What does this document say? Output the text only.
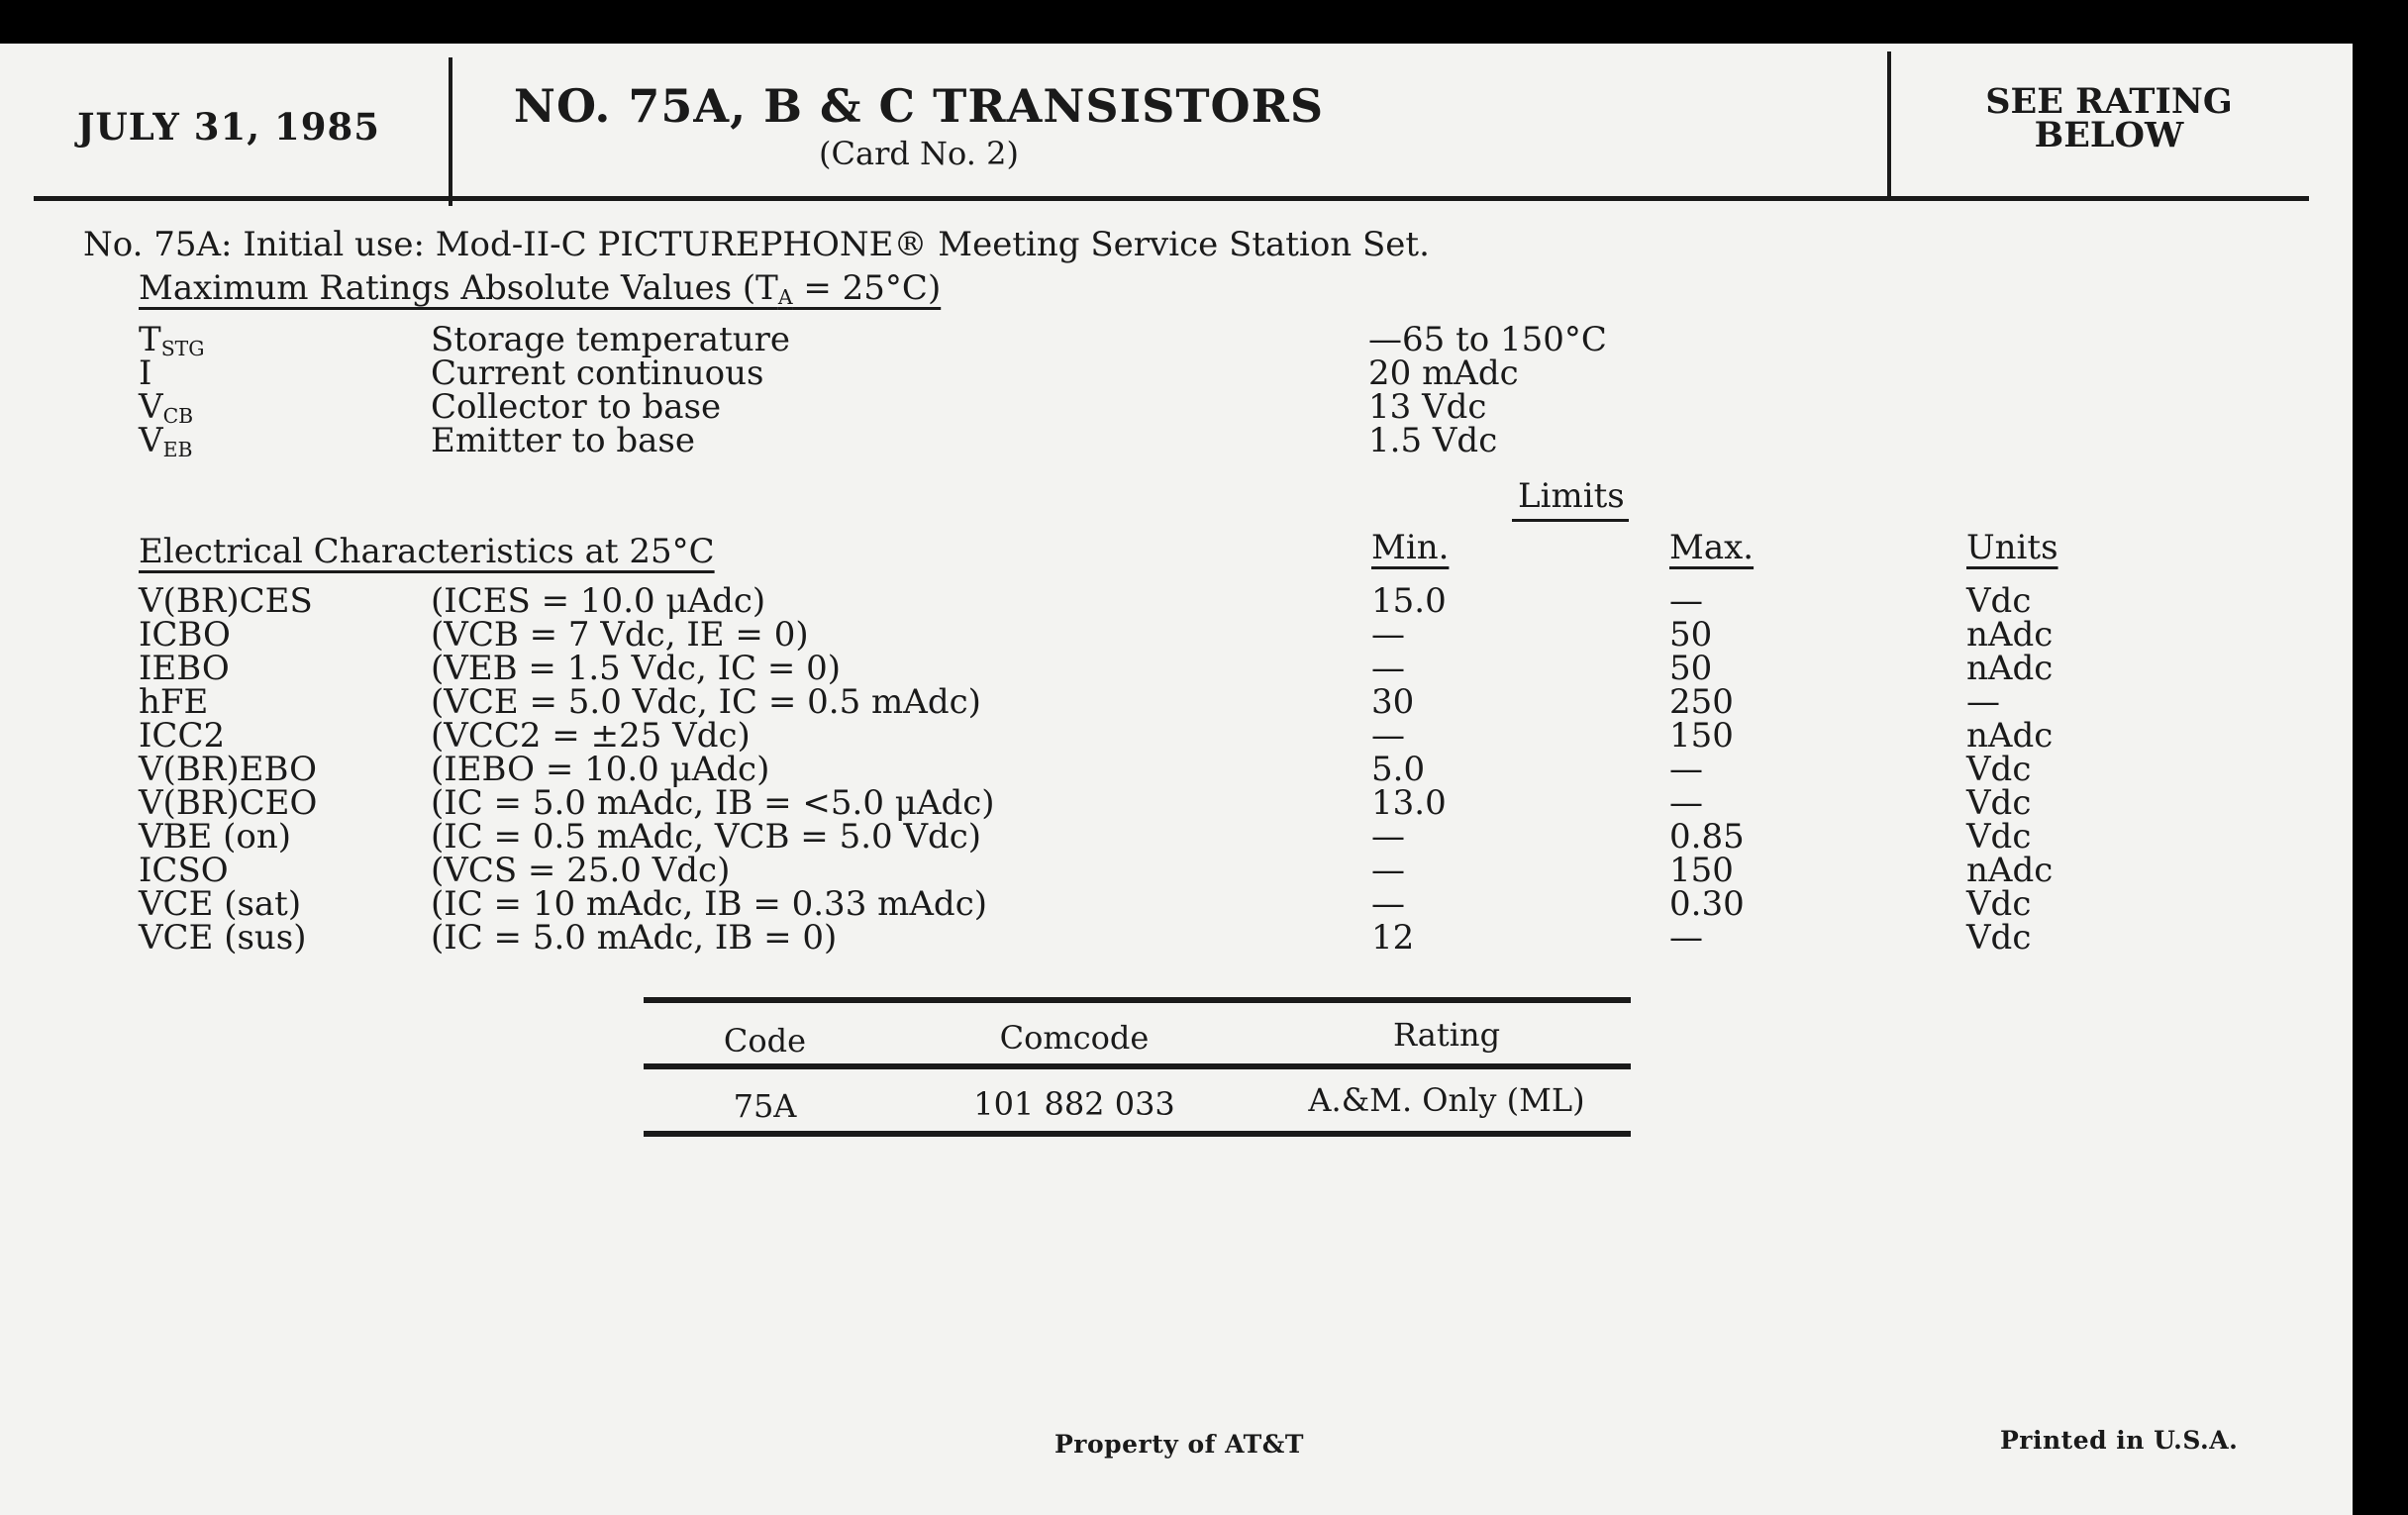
JULY 31, 1985	NO. 75A, B & C TRANSISTORS
(Card No. 2)
SEE RATING
BELOW
No. 75A: Initial use: Mod-II-C PICTUREPHONE® Meeting Service Station Set.
Maximum Ratings Absolute Values $(T_A = 25^\circ C)$
$T_{STG}$	Storage temperature	—65 to 150°C
I	Current continuous	20 mAdc
$V_{CB}$	Collector to base	13 Vdc
$V_{EB}$	Emitter to base	1.5 Vdc
Limits
Electrical Characteristics at 25°C	Min.	Max.	Units
V(BR)CES	(ICES = 10.0 μAdc)	15.0	—	Vdc
ICBO	(VCB = 7 Vdc, IE = 0)	—	50	nAdc
IEBO	(VEB = 1.5 Vdc, IC = 0)	—	50	nAdc
hFE	(VCE = 5.0 Vdc, IC = 0.5 mAdc)	30	250	—
ICC2	(VCC2 = ±25 Vdc)	—	150	nAdc
V(BR)EBO	(IEBO = 10.0 μAdc)	5.0	—	Vdc
V(BR)CEO	(IC = 5.0 mAdc, IB = <5.0 μAdc)	13.0	—	Vdc
VBE (on)	(IC = 0.5 mAdc, VCB = 5.0 Vdc)	—	0.85	Vdc
ICSO	(VCS = 25.0 Vdc)	—	150	nAdc
VCE (sat)	(IC = 10 mAdc, IB = 0.33 mAdc)	—	0.30	Vdc
VCE (sus)	(IC = 5.0 mAdc, IB = 0)	12	—	Vdc
Code	Comcode	Rating
75A	101 882 033	A.&M. Only (ML)
Property of AT&T	Printed in U.S.A.
